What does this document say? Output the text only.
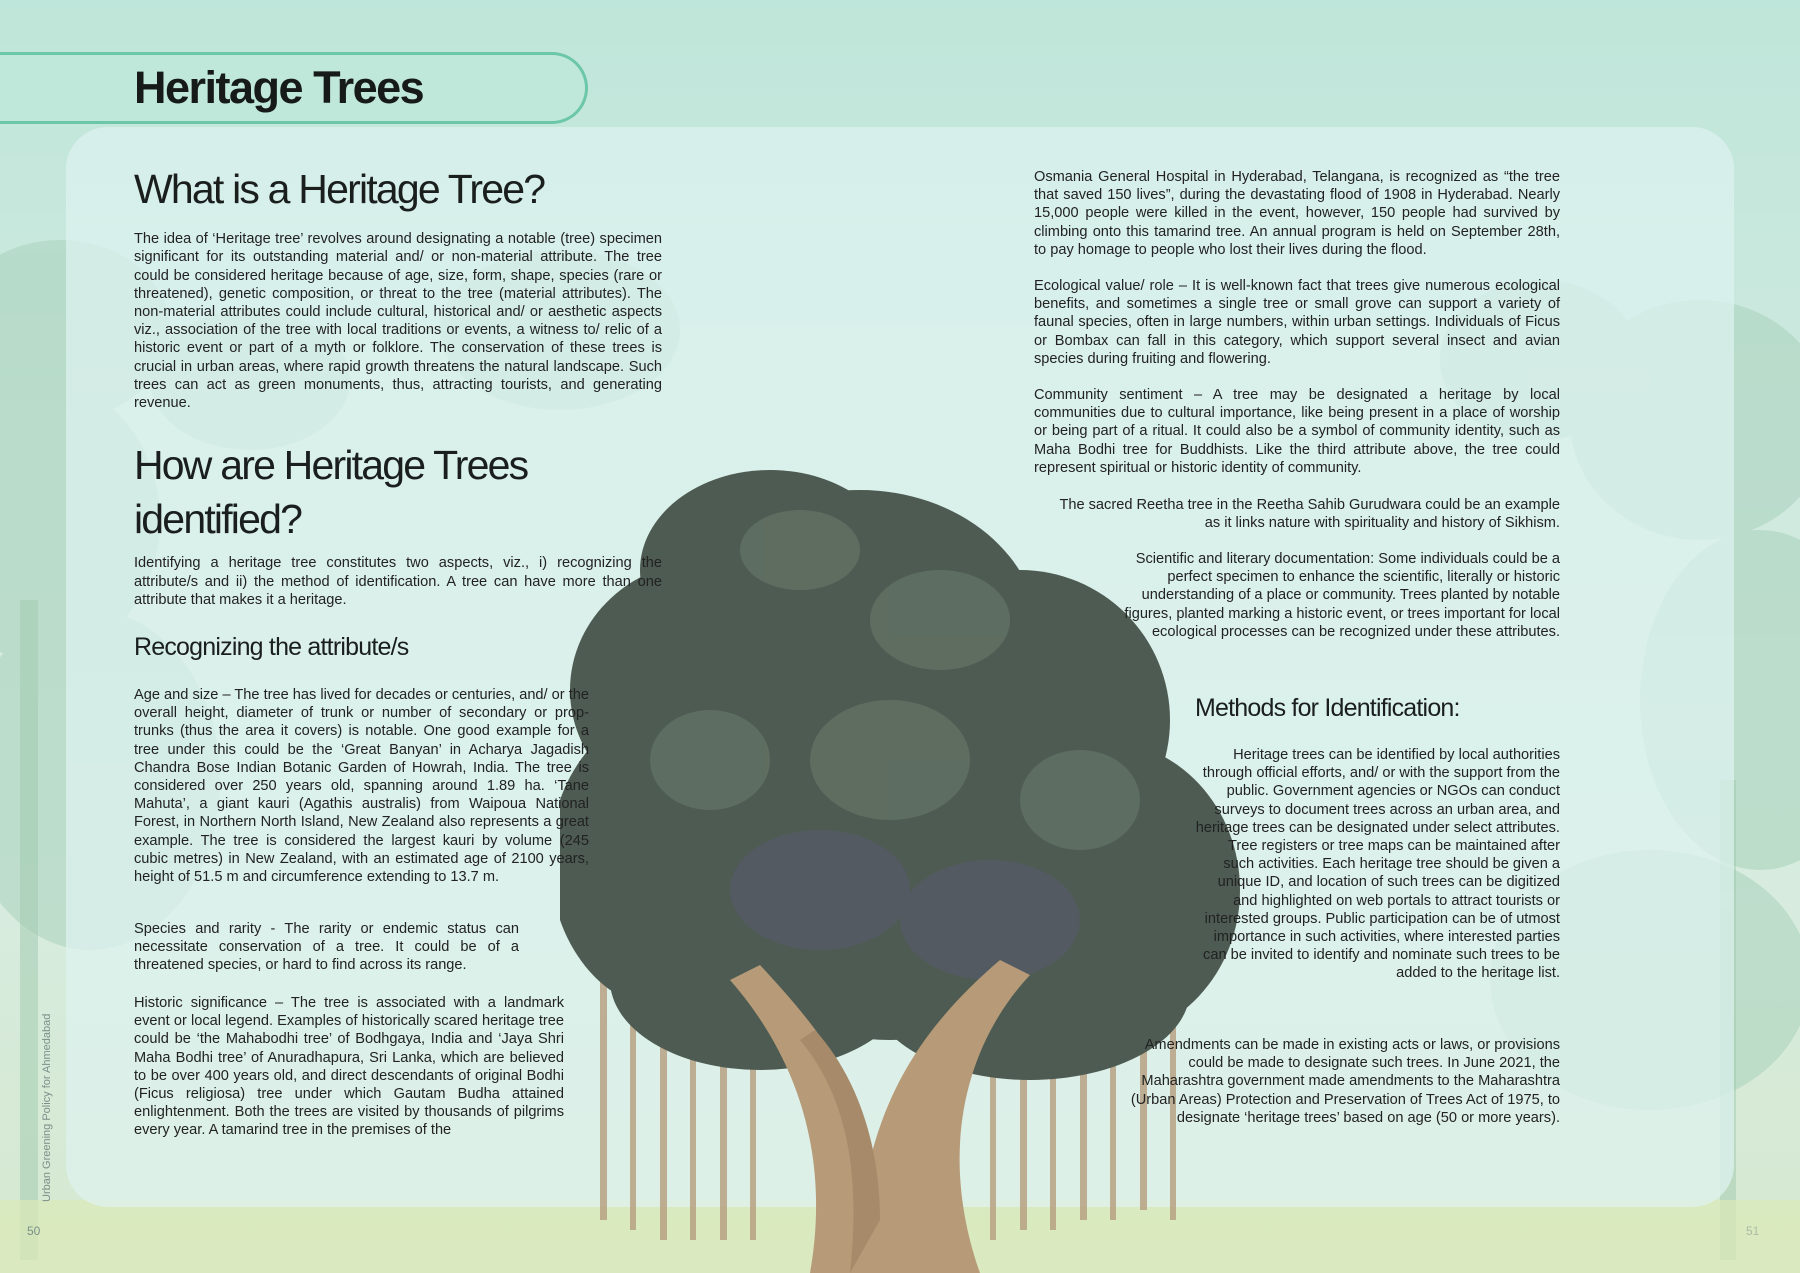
Heritage Trees
What is a Heritage Tree?

The idea of ‘Heritage tree’ revolves around designating a notable (tree) specimen significant for its outstanding material and/ or non-material attribute. The tree could be considered heritage because of age, size, form, shape, species (rare or threatened), genetic composition, or threat to the tree (material attributes). The non-material attributes could include cultural, historical and/ or aesthetic aspects viz., association of the tree with local traditions or events, a witness to/ relic of a historic event or part of a myth or folklore. The conservation of these trees is crucial in urban areas, where rapid growth threatens the natural landscape. Such trees can act as green monuments, thus, attracting tourists, and generating revenue.

How are Heritage Trees
identified?

Identifying a heritage tree constitutes two aspects, viz., i) recognizing the attribute/s and ii) the method of identification. A tree can have more than one attribute that makes it a heritage.

Recognizing the attribute/s

Age and size – The tree has lived for decades or centuries, and/ or the overall height, diameter of trunk or number of secondary or prop-trunks (thus the area it covers) is notable. One good example for a tree under this could be the ‘Great Banyan’ in Acharya Jagadish Chandra Bose Indian Botanic Garden of Howrah, India. The tree is considered over 250 years old, spanning around 1.89 ha. ‘Tane Mahuta’, a giant kauri (Agathis australis) from Waipoua National Forest, in Northern North Island, New Zealand also represents a great example. The tree is considered the largest kauri by volume (245 cubic metres) in New Zealand, with an estimated age of 2100 years, height of 51.5 m and circumference extending to 13.7 m.

Species and rarity - The rarity or endemic status can necessitate conservation of a tree. It could be of a threatened species, or hard to find across its range.

Historic significance – The tree is associated with a landmark event or local legend. Examples of historically scared heritage tree could be ‘the Mahabodhi tree’ of Bodhgaya, India and ‘Jaya Shri Maha Bodhi tree’ of Anuradhapura, Sri Lanka, which are believed to be over 400 years old, and direct descendants of original Bodhi (Ficus religiosa) tree under which Gautam Budha attained enlightenment. Both the trees are visited by thousands of pilgrims every year. A tamarind tree in the premises of the

Osmania General Hospital in Hyderabad, Telangana, is recognized as “the tree that saved 150 lives”, during the devastating flood of 1908 in Hyderabad. Nearly 15,000 people were killed in the event, however, 150 people had survived by climbing onto this tamarind tree. An annual program is held on September 28th, to pay homage to people who lost their lives during the flood.

Ecological value/ role – It is well-known fact that trees give numerous ecological benefits, and sometimes a single tree or small grove can support a variety of faunal species, often in large numbers, within urban settings. Individuals of Ficus or Bombax can fall in this category, which support several insect and avian species during fruiting and flowering.

Community sentiment – A tree may be designated a heritage by local communities due to cultural importance, like being present in a place of worship or being part of a ritual. It could also be a symbol of community identity, such as Maha Bodhi tree for Buddhists. Like the third attribute above, the tree could represent spiritual or historic identity of community.

The sacred Reetha tree in the Reetha Sahib Gurudwara could be an example as it links nature with spirituality and history of Sikhism.

Scientific and literary documentation: Some individuals could be a perfect specimen to enhance the scientific, literally or historic understanding of a place or community. Trees planted by notable figures, planted marking a historic event, or trees important for local ecological processes can be recognized under these attributes.

Methods for Identification:

Heritage trees can be identified by local authorities through official efforts, and/ or with the support from the public. Government agencies or NGOs can conduct surveys to document trees across an urban area, and heritage trees can be designated under select attributes. Tree registers or tree maps can be maintained after such activities. Each heritage tree should be given a unique ID, and location of such trees can be digitized and highlighted on web portals to attract tourists or interested groups. Public participation can be of utmost importance in such activities, where interested parties can be invited to identify and nominate such trees to be added to the heritage list.

Amendments can be made in existing acts or laws, or provisions could be made to designate such trees. In June 2021, the Maharashtra government made amendments to the Maharashtra (Urban Areas) Protection and Preservation of Trees Act of 1975, to designate ‘heritage trees’ based on age (50 or more years).

Urban Greening Policy for Ahmedabad
50	51
